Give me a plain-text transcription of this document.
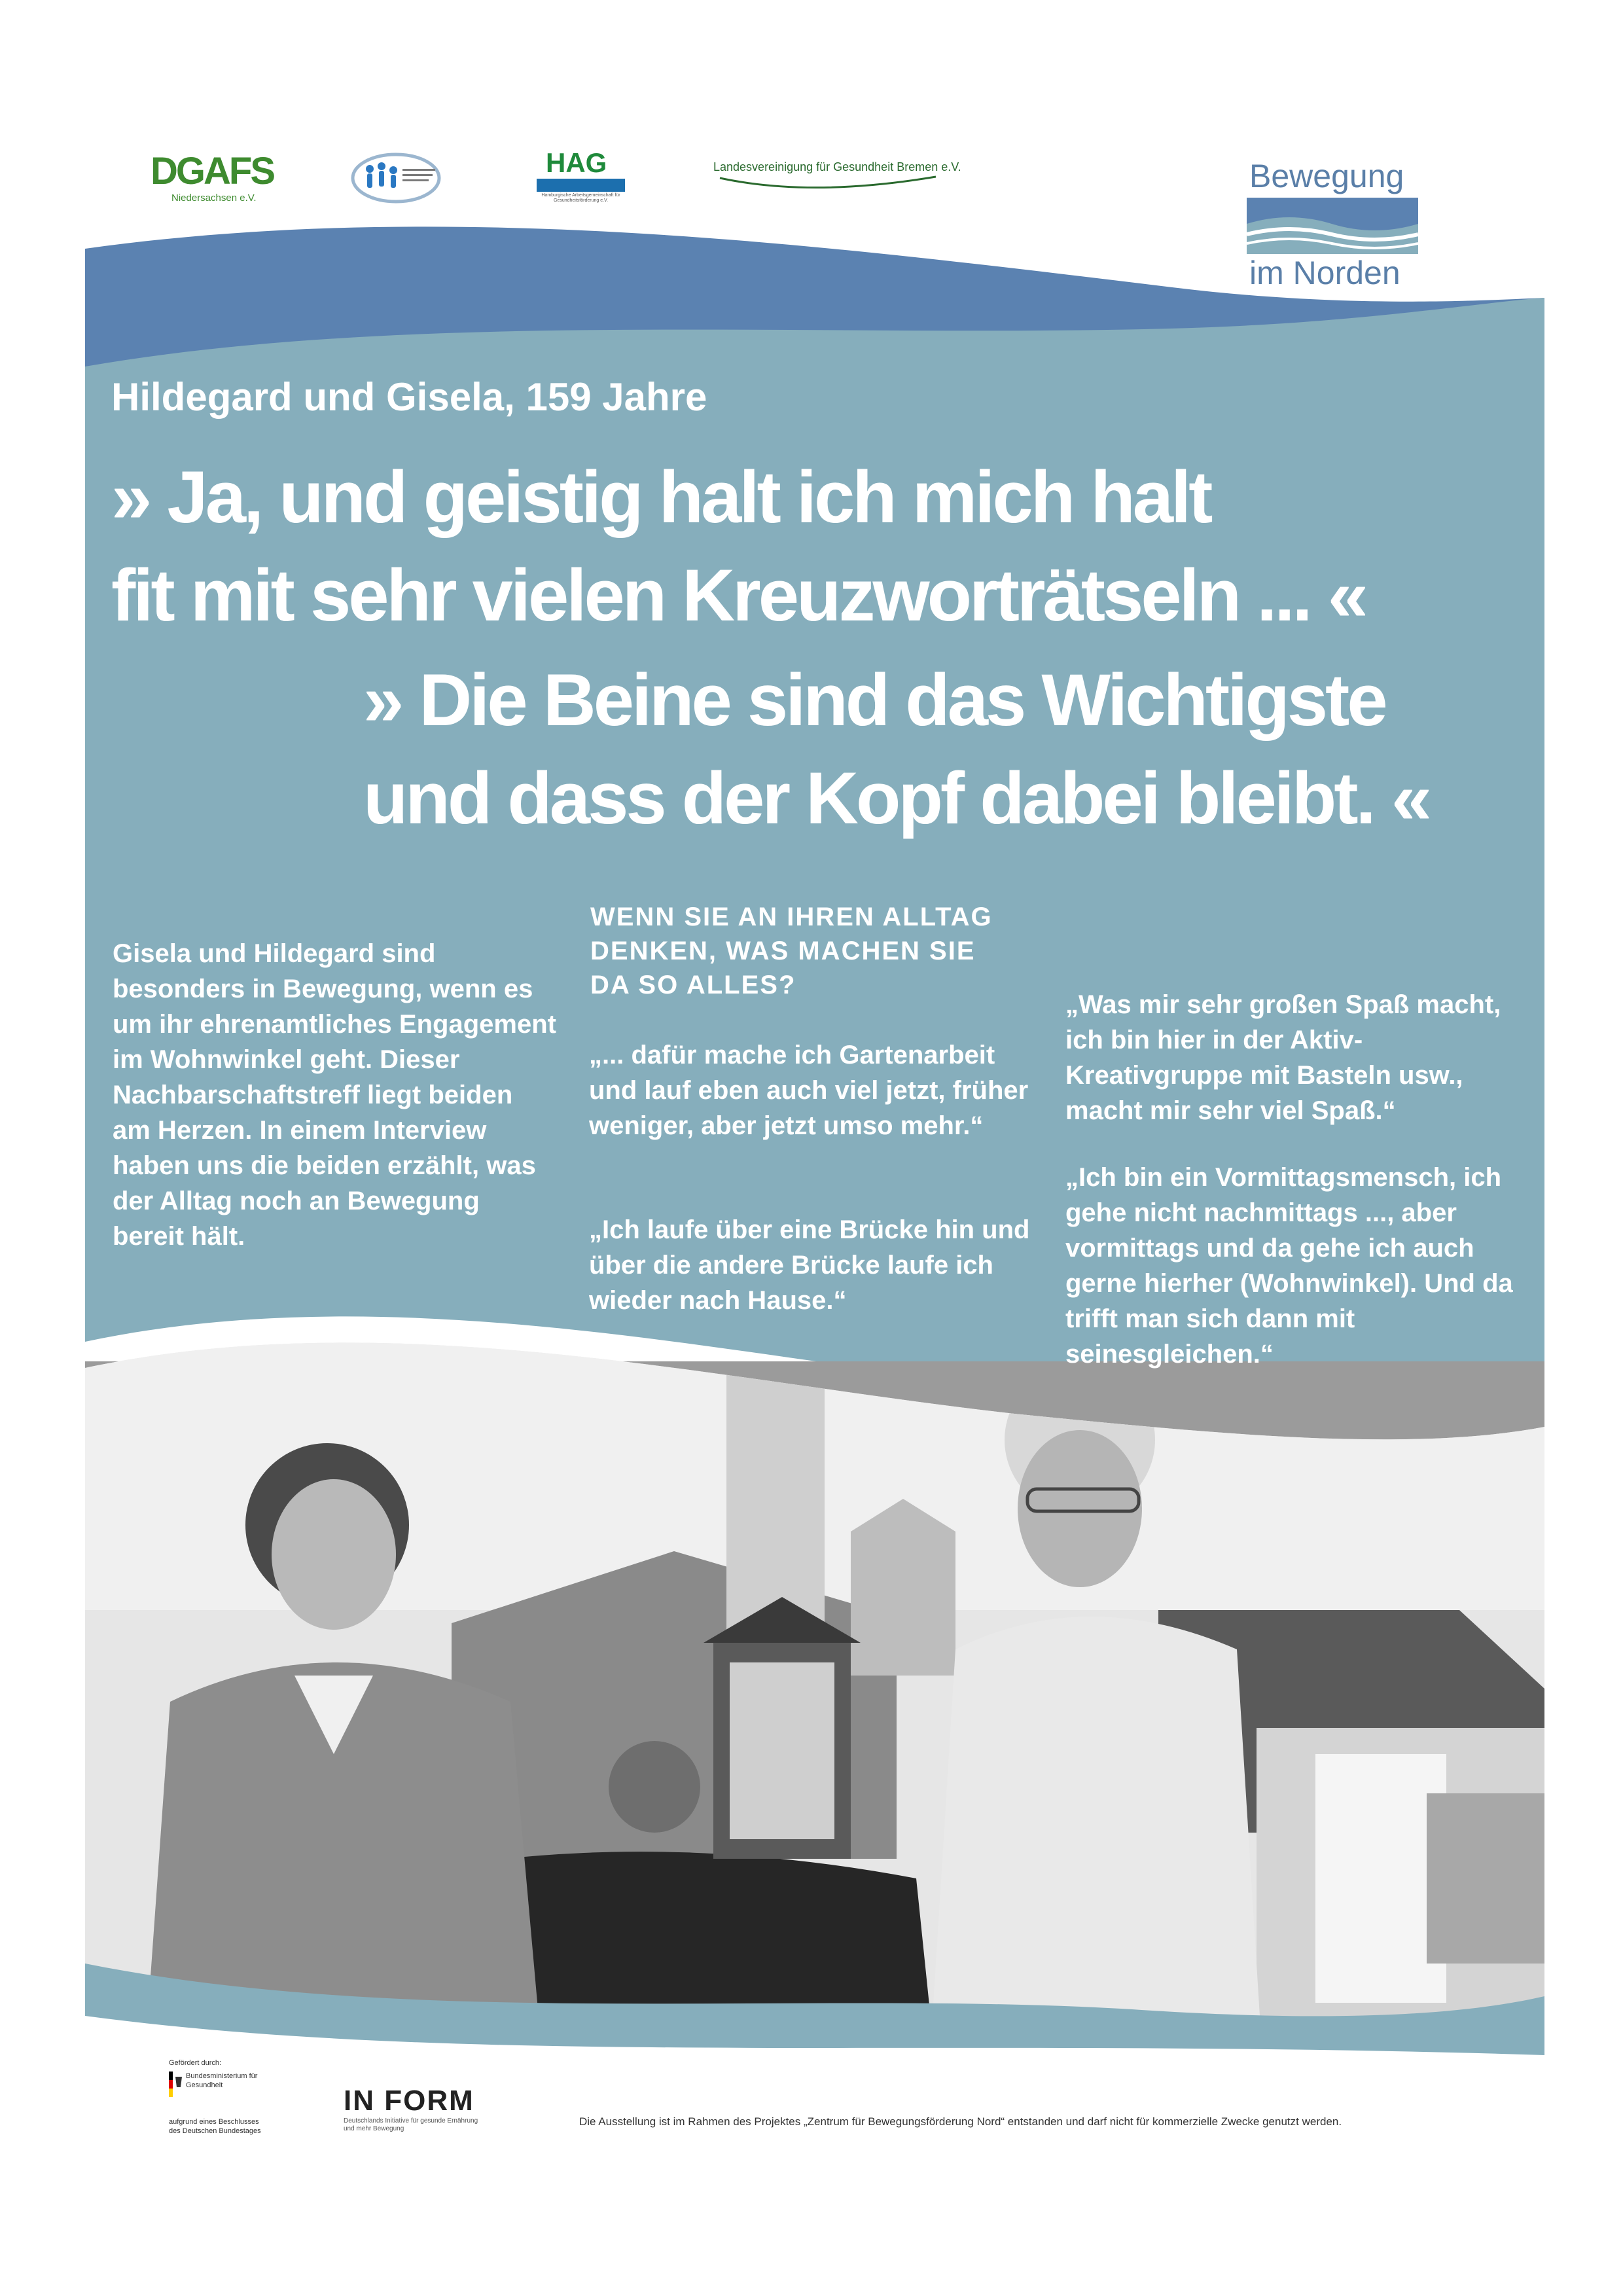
DGAFS
Niedersachsen e.V.
HAG
Hamburgische Arbeitsgemeinschaft für Gesundheitsförderung e.V.
Landesvereinigung für Gesundheit Bremen e.V.	Bewegung
im Norden
Hildegard und Gisela, 159 Jahre
» Ja, und geistig halt ich mich halt
fit mit sehr vielen Kreuzworträtseln ... «
» Die Beine sind das Wichtigste
und dass der Kopf dabei bleibt. «
Gisela und Hildegard sind besonders in Bewegung, wenn es um ihr ehrenamtliches Engagement im Wohnwinkel geht. Dieser Nachbarschaftstreff liegt beiden am Herzen. In einem Interview haben uns die beiden erzählt, was der Alltag noch an Bewegung bereit hält.
WENN SIE AN IHREN ALLTAG DENKEN, WAS MACHEN SIE DA SO ALLES?
„... dafür mache ich Gartenarbeit und lauf eben auch viel jetzt, früher weniger, aber jetzt umso mehr.“
„Ich laufe über eine Brücke hin und über die andere Brücke laufe ich wieder nach Hause.“
„Was mir sehr großen Spaß macht, ich bin hier in der Aktiv-Kreativgruppe mit Basteln usw., macht mir sehr viel Spaß.“
„Ich bin ein Vormittagsmensch, ich gehe nicht nachmittags ..., aber vormittags und da gehe ich auch gerne hierher (Wohnwinkel). Und da trifft man sich dann mit seinesgleichen.“
Gefördert durch:
Bundesministerium für Gesundheit
aufgrund eines Beschlusses des Deutschen Bundestages
IN FORM
Deutschlands Initiative für gesunde Ernährung und mehr Bewegung
Die Ausstellung ist im Rahmen des Projektes „Zentrum für Bewegungsförderung Nord“ entstanden und darf nicht für kommerzielle Zwecke genutzt werden.
